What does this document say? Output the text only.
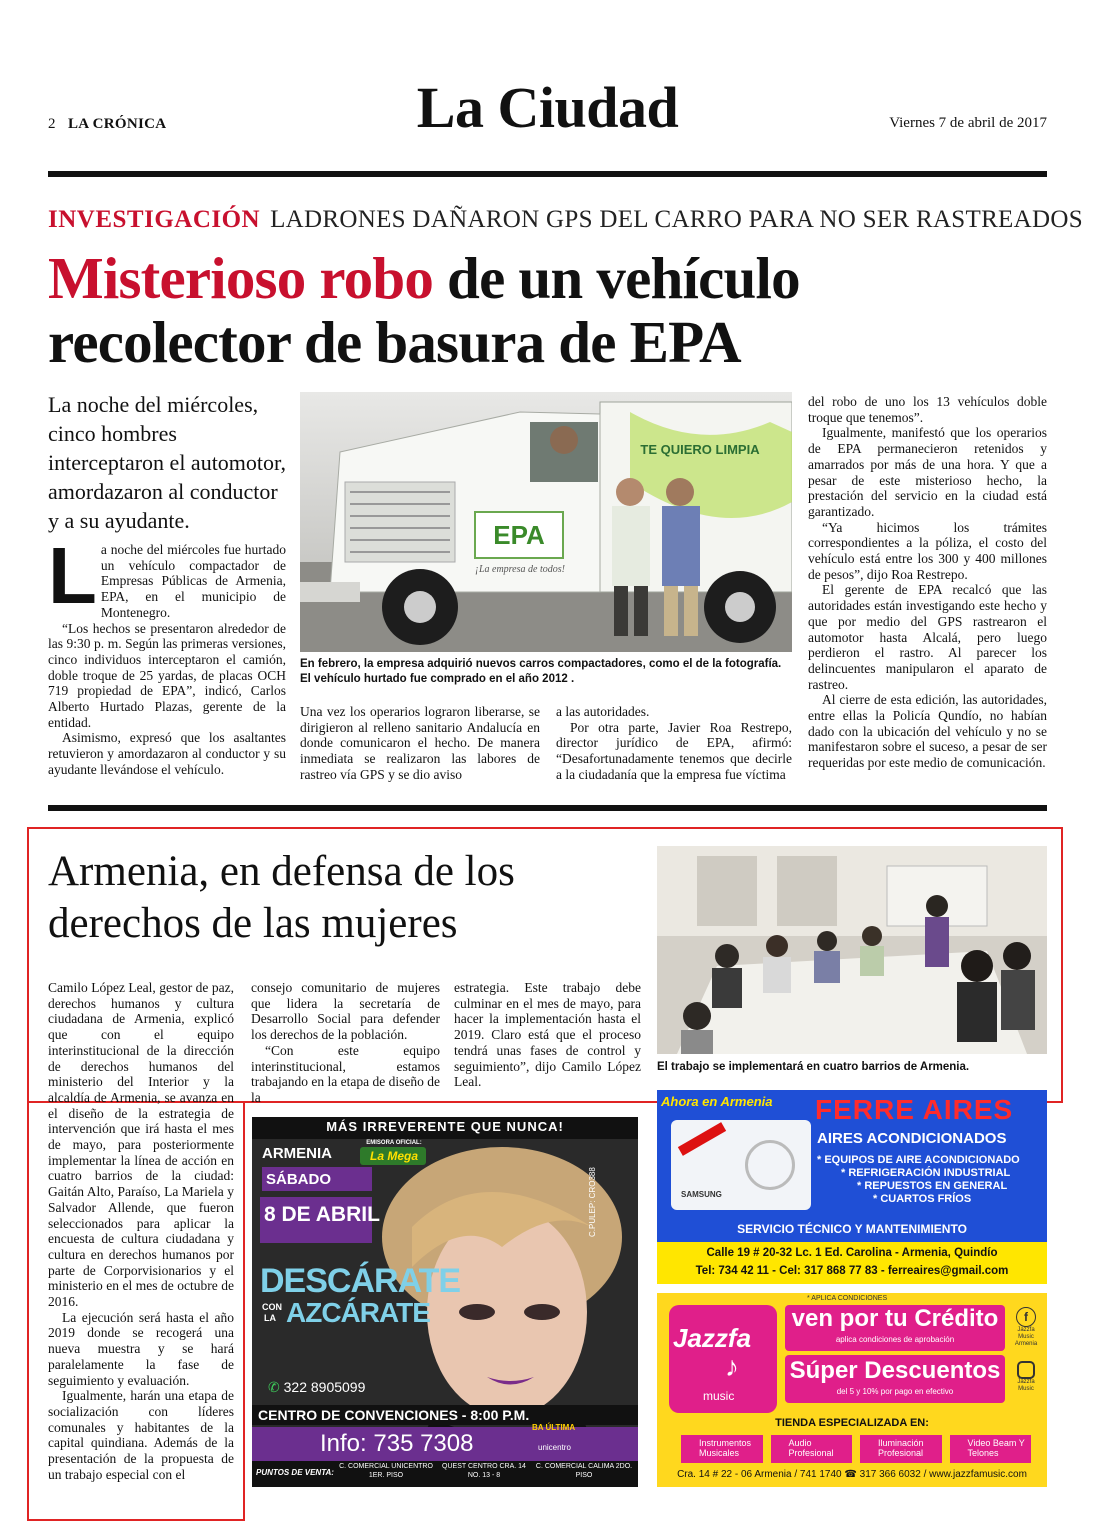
2 LA CRÓNICA	La Ciudad	Viernes 7 de abril de 2017
INVESTIGACIÓN LADRONES DAÑARON GPS DEL CARRO PARA NO SER RASTREADOS
Misterioso robo de un vehículo recolector de basura de EPA
La noche del miércoles, cinco hombres interceptaron el automotor, amordazaron al conductor y a su ayudante.

La noche del miércoles fue hurtado un vehículo compactador de Empresas Públicas de Armenia, EPA, en el municipio de Montenegro.

“Los hechos se presentaron alrededor de las 9:30 p. m. Según las primeras versiones, cinco individuos interceptaron el camión, doble troque de 25 yardas, de placas OCH 719 propiedad de EPA”, indicó, Carlos Alberto Hurtado Plazas, gerente de la entidad.

Asimismo, expresó que los asaltantes retuvieron y amordazaron al conductor y su ayudante llevándose el vehículo.

EPA
¡La empresa de todos!
TE QUIERO LIMPIA
En febrero, la empresa adquirió nuevos carros compactadores, como el de la fotografía. El vehículo hurtado fue comprado en el año 2012 .

Una vez los operarios lograron liberarse, se dirigieron al relleno sanitario Andalucía en donde comunicaron el hecho. De manera inmediata se realizaron las labores de rastreo vía GPS y se dio aviso

a las autoridades.

Por otra parte, Javier Roa Restrepo, director jurídico de EPA, afirmó: “Desafortunadamente tenemos que decirle a la ciudadanía que la empresa fue víctima

del robo de uno los 13 vehículos doble troque que tenemos”.

Igualmente, manifestó que los operarios de EPA permanecieron retenidos y amarrados por más de una hora. Y que a pesar de este misterioso hecho, la prestación del servicio en la ciudad está garantizado.

“Ya hicimos los trámites correspondientes a la póliza, el costo del vehículo está entre los 300 y 400 millones de pesos”, dijo Roa Restrepo.

El gerente de EPA recalcó que las autoridades están investigando este hecho y que por medio del GPS rastrearon el automotor hasta Alcalá, pero luego perdieron el rastro. Al parecer los delincuentes manipularon el aparato de rastreo.

Al cierre de esta edición, las autoridades, entre ellas la Policía Qundío, no habían dado con la ubicación del vehículo y no se manifestaron sobre el suceso, a pesar de ser requeridas por este medio de comunicación.

Armenia, en defensa de los derechos de las mujeres

Camilo López Leal, gestor de paz, derechos humanos y cultura ciudadana de Armenia, explicó que con el equipo interinstitucional de la dirección de derechos humanos del ministerio del Interior y la alcaldía de Armenia, se avanza en el diseño de la estrategia de intervención que irá hasta el mes de mayo, para posteriormente implementar la línea de acción en cuatro barrios de la ciudad: Gaitán Alto, Paraíso, La Mariela y Salvador Allende, que fueron seleccionados para aplicar la encuesta de cultura ciudadana y cultura en derechos humanos por parte de Corporvisionarios y el ministerio en el mes de octubre de 2016.

La ejecución será hasta el año 2019 donde se recogerá una nueva muestra y se hará paralelamente la fase de seguimiento y evaluación.

Igualmente, harán una etapa de socialización con líderes comunales y habitantes de la capital quindiana. Además de la presentación de la propuesta de un trabajo especial con el

consejo comunitario de mujeres que lidera la secretaría de Desarrollo Social para defender los derechos de la población.

“Con este equipo interinstitucional, estamos trabajando en la etapa de diseño de la

estrategia. Este trabajo debe culminar en el mes de mayo, para hacer la implementación hasta el 2019. Claro está que el proceso tendrá unas fases de control y seguimiento”, dijo Camilo López Leal.

El trabajo se implementará en cuatro barrios de Armenia.
MÁS IRREVERENTE QUE NUNCA!
EMISORA OFICIAL:
La Mega
ARMENIA
SÁBADO
8 DE ABRIL
DESCÁRATE
CON
LA AZCÁRATE
C.PULEP: CRO388
✆ 322 8905099
CENTRO DE CONVENCIONES - 8:00 P.M.
Info: 735 7308
BA ÚLTIMA
unicentro
PUNTOS DE VENTA:
C. COMERCIAL UNICENTRO 1ER. PISO
QUEST CENTRO CRA. 14 NO. 13 - 8
C. COMERCIAL CALIMA 2DO. PISO
Ahora en Armenia FERRE AIRES
AIRES ACONDICIONADOS
SAMSUNG
* EQUIPOS DE AIRE ACONDICIONADO
* REFRIGERACIÓN INDUSTRIAL
* REPUESTOS EN GENERAL
* CUARTOS FRÍOS
SERVICIO TÉCNICO Y MANTENIMIENTO
Calle 19 # 20-32 Lc. 1 Ed. Carolina - Armenia, Quindío
Tel: 734 42 11 - Cel: 317 868 77 83 - ferreaires@gmail.com
Jazzfa
music
♪
* APLICA CONDICIONES
ven por tu Crédito
aplica condiciones de aprobación
Súper Descuentos
del 5 y 10% por pago en efectivo
f
Jazzfa Music Armenia
Jazzfa Music
TIENDA ESPECIALIZADA EN:
Instrumentos Musicales
Audio Profesional
Iluminación Profesional
Video Beam Y Telones
Cra. 14 # 22 - 06 Armenia / 741 1740 ☎ 317 366 6032 / www.jazzfamusic.com
